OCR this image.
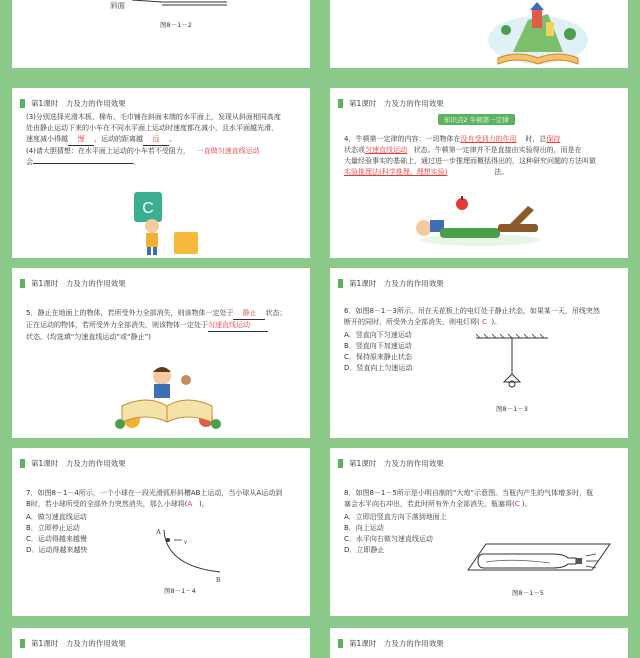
斜面
图8－1－2
第1课时　力及力的作用效果
(3)分别选择光滑木板、棉布、毛巾铺在斜面末端的水平面上，发现从斜面相同高度
处由静止运动下来的小车在不同水平面上运动时速度都在减小，且水平面越光滑，
速度减小得越 慢 ，运动的距离越 远 。
(4)请大胆猜想：在水平面上运动的小车若不受阻力， 一直做匀速直线运动
会	。
C
第1课时　力及力的作用效果
知识点2 牛顿第一定律
4．牛顿第一定律的内容：一切物体在没有受到力的作用 时，总保持
状态或匀速直线运动 状态。牛顿第一定律并不是直接由实验得出的，而是在
大量经验事实的基础上，通过进一步推理而概括得出的，这种研究问题的方法叫做
实验推理法(科学推理、理想实验)	法。
第1课时　力及力的作用效果
5．静止在地面上的物体，若所受外力全部消失，则该物体一定处于 静止 状态；
正在运动的物体，若所受外力全部消失，则该物体一定处于匀速直线运动
状态。(均选填“匀速直线运动”或“静止”)
第1课时　力及力的作用效果
6．如图8－1－3所示，吊在天花板上的电灯处于静止状态，如果某一天，吊线突然
断开的同时，所受外力全部消失，则电灯将( C )。
A．竖直向下匀速运动
B．竖直向下加速运动
C．保持原来静止状态
D．竖直向上匀速运动
图8－1－3
第1课时　力及力的作用效果
7．如图8－1－4所示，一个小球在一段光滑弧形斜槽AB上运动，当小球从A运动到
B时，若小球所受的全部外力突然消失，那么小球将(A )。
A．做匀速直线运动
B．立即停止运动
C．运动得越来越慢
D．运动得越来越快
A
v
B
图8－1－4
第1课时　力及力的作用效果
8．如图8－1－5所示是小明自制的“大炮”示意图。当瓶内产生的气体增多时，瓶
塞会水平向右冲出，若此时所有外力全部消失，瓶塞将(C )。
A．立即沿竖直方向下落到地面上
B．向上运动
C．水平向右做匀速直线运动
D．立即静止
图8－1－5
第1课时　力及力的作用效果	第1课时　力及力的作用效果
